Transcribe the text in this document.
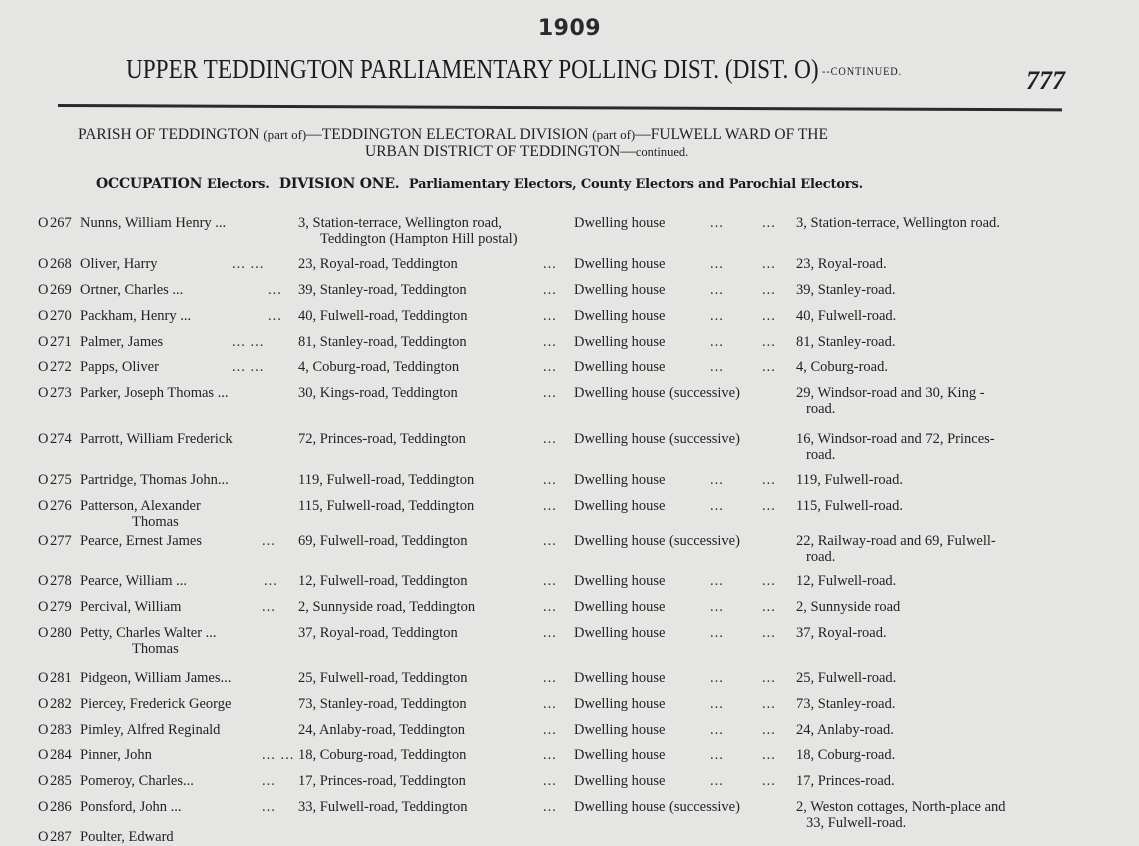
1909
UPPER TEDDINGTON PARLIAMENTARY POLLING DIST. (DIST. O) --CONTINUED.	777
PARISH OF TEDDINGTON (part of)—TEDDINGTON ELECTORAL DIVISION (part of)—FULWELL WARD OF THE
URBAN DISTRICT OF TEDDINGTON—continued.
OCCUPATION Electors. DIVISION ONE. Parliamentary Electors, County Electors and Parochial Electors.
O 267 Nunns, William Henry ...	3, Station-terrace, Wellington road,
Teddington (Hampton Hill postal)
Dwelling house	...	... 3, Station-terrace, Wellington road.
O 268 Oliver, Harry	... ... 23, Royal-road, Teddington	... Dwelling house	...	... 23, Royal-road.
O 269 Ortner, Charles ...	... 39, Stanley-road, Teddington	... Dwelling house	...	... 39, Stanley-road.
O 270 Packham, Henry ...	... 40, Fulwell-road, Teddington	... Dwelling house	...	... 40, Fulwell-road.
O 271 Palmer, James	... ... 81, Stanley-road, Teddington	... Dwelling house	...	... 81, Stanley-road.
O 272 Papps, Oliver	... ... 4, Coburg-road, Teddington	... Dwelling house	...	... 4, Coburg-road.
O 273 Parker, Joseph Thomas ...	30, Kings-road, Teddington	... Dwelling house (successive)	29, Windsor-road and 30, King -
road.
O 274 Parrott, William Frederick	72, Princes-road, Teddington	... Dwelling house (successive)	16, Windsor-road and 72, Princes-
road.
O 275 Partridge, Thomas John...	119, Fulwell-road, Teddington	... Dwelling house	...	... 119, Fulwell-road.
O 276 Patterson, Alexander
Thomas
115, Fulwell-road, Teddington	... Dwelling house	...	... 115, Fulwell-road.
O 277 Pearce, Ernest James	... 69, Fulwell-road, Teddington	... Dwelling house (successive)	22, Railway-road and 69, Fulwell-
road.
O 278 Pearce, William ...	... 12, Fulwell-road, Teddington	... Dwelling house	...	... 12, Fulwell-road.
O 279 Percival, William	... 2, Sunnyside road, Teddington	... Dwelling house	...	... 2, Sunnyside road
O 280 Petty, Charles Walter ...
Thomas
37, Royal-road, Teddington	... Dwelling house	...	... 37, Royal-road.
O 281 Pidgeon, William James...	25, Fulwell-road, Teddington	... Dwelling house	...	... 25, Fulwell-road.
O 282 Piercey, Frederick George	73, Stanley-road, Teddington	... Dwelling house	...	... 73, Stanley-road.
O 283 Pimley, Alfred Reginald	24, Anlaby-road, Teddington	... Dwelling house	...	... 24, Anlaby-road.
O 284 Pinner, John	... ... 18, Coburg-road, Teddington	... Dwelling house	...	... 18, Coburg-road.
O 285 Pomeroy, Charles...	... 17, Princes-road, Teddington	... Dwelling house	...	... 17, Princes-road.
O 286 Ponsford, John ...	... 33, Fulwell-road, Teddington	... Dwelling house (successive)	2, Weston cottages, North-place and
33, Fulwell-road.
O 287 Poulter, Edward
